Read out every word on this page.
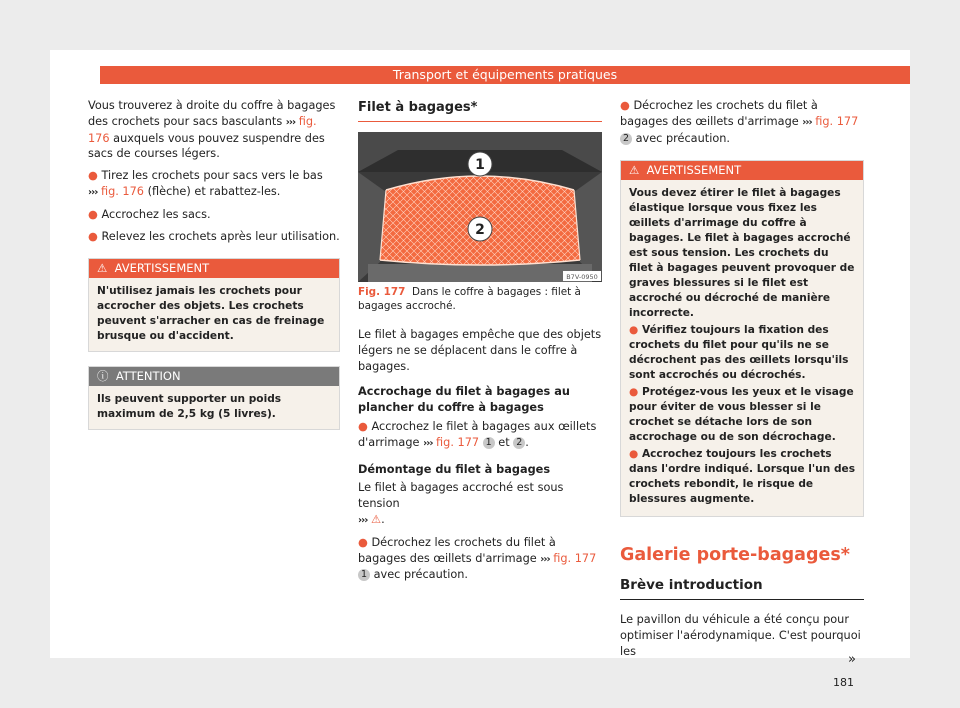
Transport et équipements pratiques

Vous trouverez à droite du coffre à bagages des crochets pour sacs basculants ››› fig. 176 auxquels vous pouvez suspendre des sacs de courses légers.

● Tirez les crochets pour sacs vers le bas
››› fig. 176 (flèche) et rabattez-les.

● Accrochez les sacs.

● Relevez les crochets après leur utilisation.

⚠ AVERTISSEMENT
N'utilisez jamais les crochets pour accrocher des objets. Les crochets peuvent s'arracher en cas de freinage brusque ou d'accident.
ⓘ ATTENTION
Ils peuvent supporter un poids maximum de 2,5 kg (5 livres).
Filet à bagages*
1
2
B7V-0950
Fig. 177 Dans le coffre à bagages : filet à bagages accroché.

Le filet à bagages empêche que des objets légers ne se déplacent dans le coffre à bagages.

Accrochage du filet à bagages au plancher du coffre à bagages

● Accrochez le filet à bagages aux œillets d'arrimage ››› fig. 177 1 et 2 .

Démontage du filet à bagages

Le filet à bagages accroché est sous tension
››› ⚠.

● Décrochez les crochets du filet à bagages des œillets d'arrimage ››› fig. 177 1 avec précaution.

● Décrochez les crochets du filet à bagages des œillets d'arrimage ››› fig. 177 2 avec précaution.

⚠ AVERTISSEMENT

Vous devez étirer le filet à bagages élastique lorsque vous fixez les œillets d'arrimage du coffre à bagages. Le filet à bagages accroché est sous tension. Les crochets du filet à bagages peuvent provoquer de graves blessures si le filet est accroché ou décroché de manière incorrecte.

● Vérifiez toujours la fixation des crochets du filet pour qu'ils ne se décrochent pas des œillets lorsqu'ils sont accrochés ou décrochés.

● Protégez-vous les yeux et le visage pour éviter de vous blesser si le crochet se détache lors de son accrochage ou de son décrochage.

● Accrochez toujours les crochets dans l'ordre indiqué. Lorsque l'un des crochets rebondit, le risque de blessures augmente.

Galerie porte-bagages*
Brève introduction

Le pavillon du véhicule a été conçu pour optimiser l'aérodynamique. C'est pourquoi les

»
181
